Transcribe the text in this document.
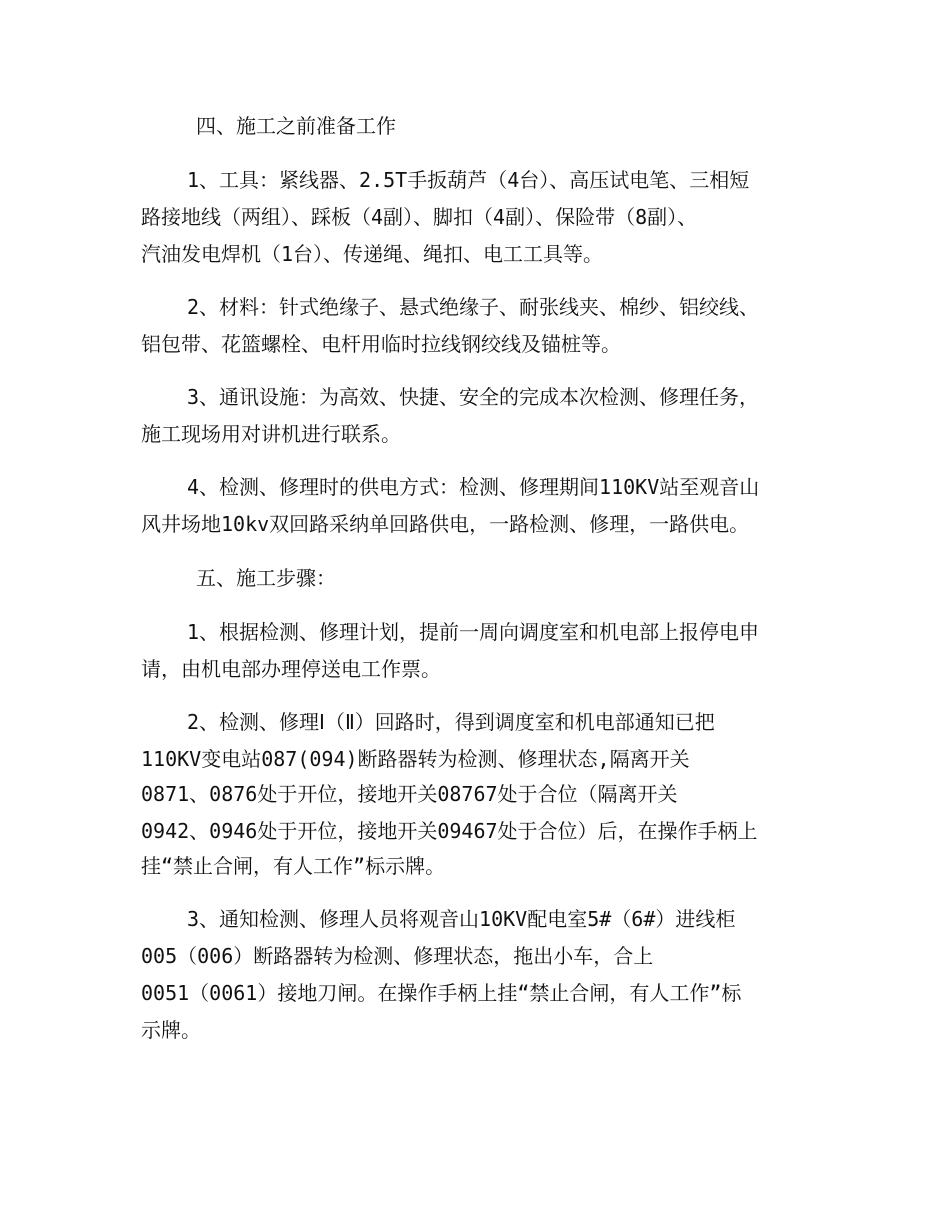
四、施工之前准备工作
1、工具：紧线器、2.5T手扳葫芦（4台）、高压试电笔、三相短
路接地线（两组）、踩板（4副）、脚扣（4副）、保险带（8副）、
汽油发电焊机（1台）、传递绳、绳扣、电工工具等。
2、材料：针式绝缘子、悬式绝缘子、耐张线夹、棉纱、铝绞线、
铝包带、花篮螺栓、电杆用临时拉线钢绞线及锚桩等。
3、通讯设施：为高效、快捷、安全的完成本次检测、修理任务，
施工现场用对讲机进行联系。
4、检测、修理时的供电方式：检测、修理期间110KV站至观音山
风井场地10kv双回路采纳单回路供电，一路检测、修理，一路供电。
五、施工步骤：
1、根据检测、修理计划，提前一周向调度室和机电部上报停电申
请，由机电部办理停送电工作票。
2、检测、修理Ⅰ（Ⅱ）回路时，得到调度室和机电部通知已把
110KV变电站087(094)断路器转为检测、修理状态,隔离开关
0871、0876处于开位，接地开关08767处于合位（隔离开关
0942、0946处于开位，接地开关09467处于合位）后，在操作手柄上
挂“禁止合闸，有人工作”标示牌。
3、通知检测、修理人员将观音山10KV配电室5#（6#）进线柜
005（006）断路器转为检测、修理状态，拖出小车，合上
0051（0061）接地刀闸。在操作手柄上挂“禁止合闸，有人工作”标
示牌。
